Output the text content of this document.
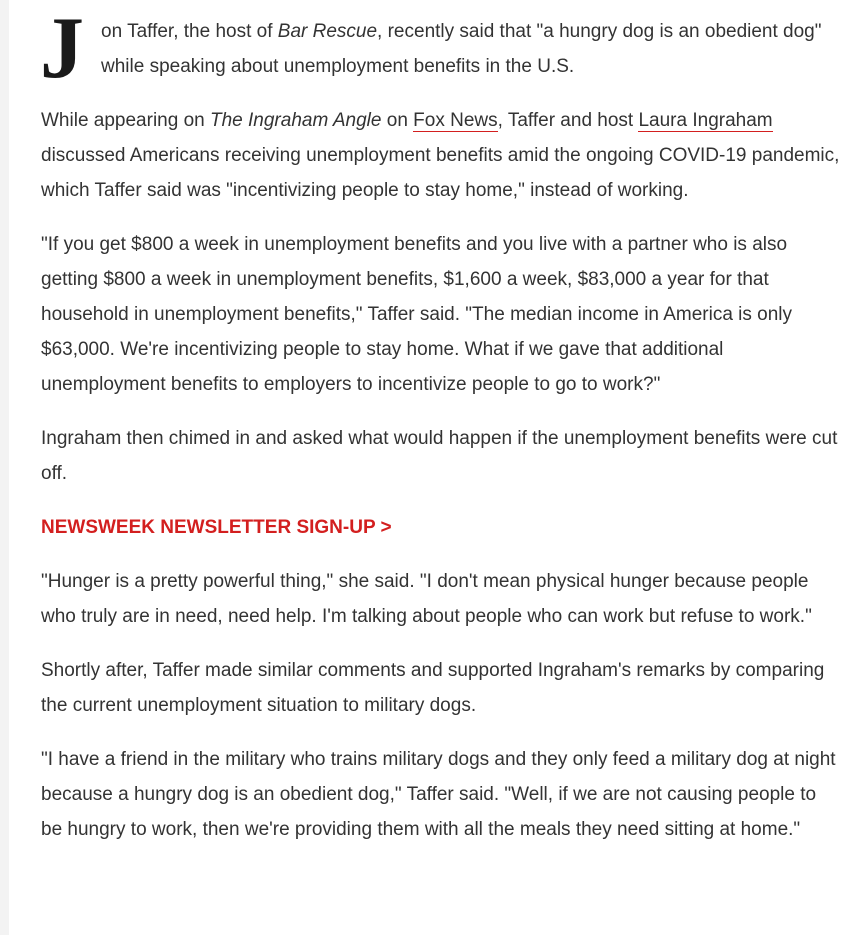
J on Taffer, the host of Bar Rescue, recently said that "a hungry dog is an obedient dog" while speaking about unemployment benefits in the U.S.

While appearing on The Ingraham Angle on Fox News, Taffer and host Laura Ingraham discussed Americans receiving unemployment benefits amid the ongoing COVID-19 pandemic, which Taffer said was "incentivizing people to stay home," instead of working.

"If you get $800 a week in unemployment benefits and you live with a partner who is also getting $800 a week in unemployment benefits, $1,600 a week, $83,000 a year for that household in unemployment benefits," Taffer said. "The median income in America is only $63,000. We're incentivizing people to stay home. What if we gave that additional unemployment benefits to employers to incentivize people to go to work?"

Ingraham then chimed in and asked what would happen if the unemployment benefits were cut off.

NEWSWEEK NEWSLETTER SIGN-UP >

"Hunger is a pretty powerful thing," she said. "I don't mean physical hunger because people who truly are in need, need help. I'm talking about people who can work but refuse to work."

Shortly after, Taffer made similar comments and supported Ingraham's remarks by comparing the current unemployment situation to military dogs.

"I have a friend in the military who trains military dogs and they only feed a military dog at night because a hungry dog is an obedient dog," Taffer said. "Well, if we are not causing people to be hungry to work, then we're providing them with all the meals they need sitting at home."
